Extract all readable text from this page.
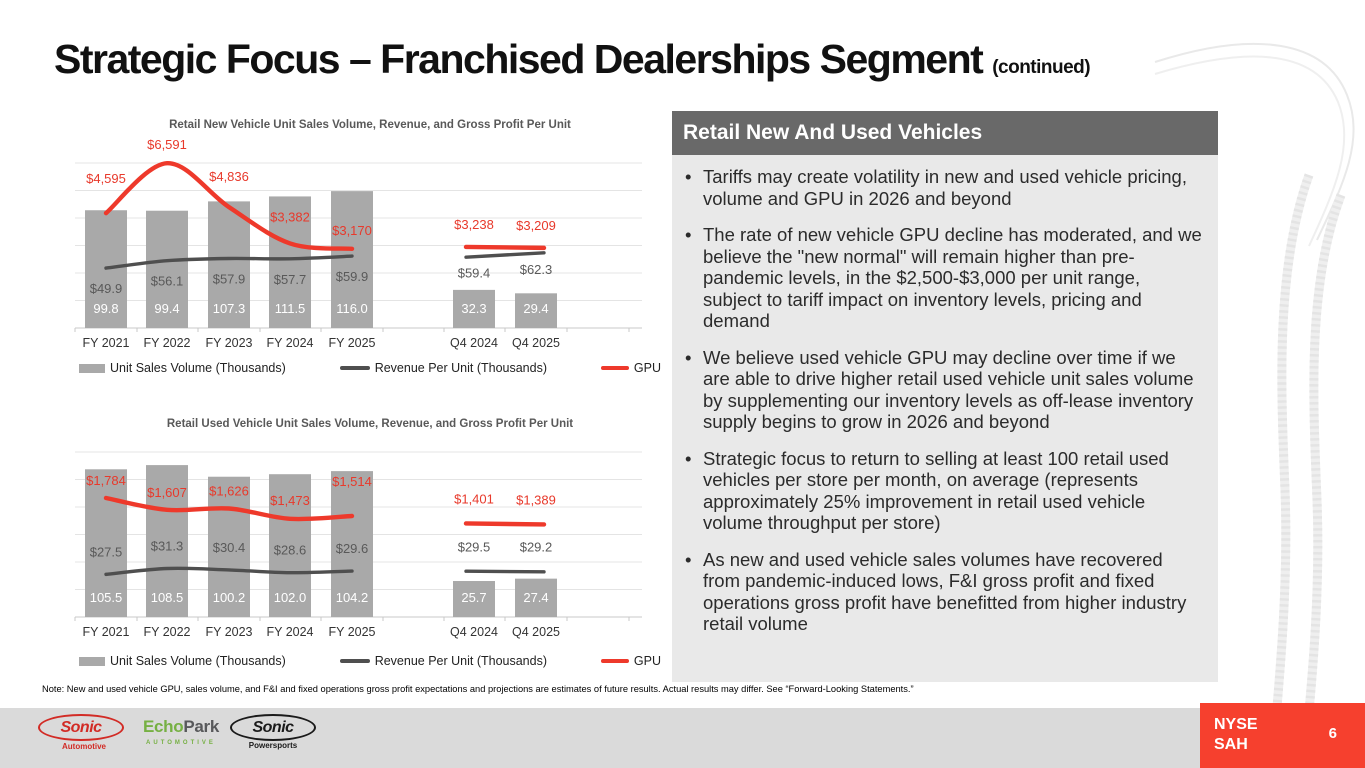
Strategic Focus – Franchised Dealerships Segment (continued)
Retail New Vehicle Unit Sales Volume, Revenue, and Gross Profit Per Unit
99.8	99.4	107.3 111.5 116.0	32.3	29.4
$49.9 $56.1 $57.9 $57.7 $59.9	$59.4 $62.3
$4,595
$6,591
$4,836
$3,382
$3,170	$3,238 $3,209
FY 2021 FY 2022 FY 2023 FY 2024 FY 2025	Q4 2024 Q4 2025
Unit Sales Volume (Thousands)	Revenue Per Unit (Thousands)	GPU
Retail Used Vehicle Unit Sales Volume, Revenue, and Gross Profit Per Unit
105.5 108.5 100.2 102.0 104.2	25.7	27.4
$27.5 $31.3 $30.4 $28.6 $29.6	$29.5 $29.2
$1,784
$1,607 $1,626
$1,473
$1,514
$1,401 $1,389
FY 2021 FY 2022 FY 2023 FY 2024 FY 2025	Q4 2024 Q4 2025
Unit Sales Volume (Thousands)	Revenue Per Unit (Thousands)	GPU
Retail New And Used Vehicles
• Tariffs may create volatility in new and used vehicle pricing, volume and GPU in 2026 and beyond
• The rate of new vehicle GPU decline has moderated, and we believe the "new normal" will remain higher than pre-pandemic levels, in the $2,500-$3,000 per unit range, subject to tariff impact on inventory levels, pricing and demand
• We believe used vehicle GPU may decline over time if we are able to drive higher retail used vehicle unit sales volume by supplementing our inventory levels as off-lease inventory supply begins to grow in 2026 and beyond
• Strategic focus to return to selling at least 100 retail used vehicles per store per month, on average (represents approximately 25% improvement in retail used vehicle volume throughput per store)
• As new and used vehicle sales volumes have recovered from pandemic-induced lows, F&I gross profit and fixed operations gross profit have benefitted from higher industry retail volume
Note: New and used vehicle GPU, sales volume, and F&I and fixed operations gross profit expectations and projections are estimates of future results. Actual results may differ. See “Forward-Looking Statements.”
Sonic
Automotive
EchoPark
AUTOMOTIVE
Sonic
Powersports
NYSE
SAH
6
